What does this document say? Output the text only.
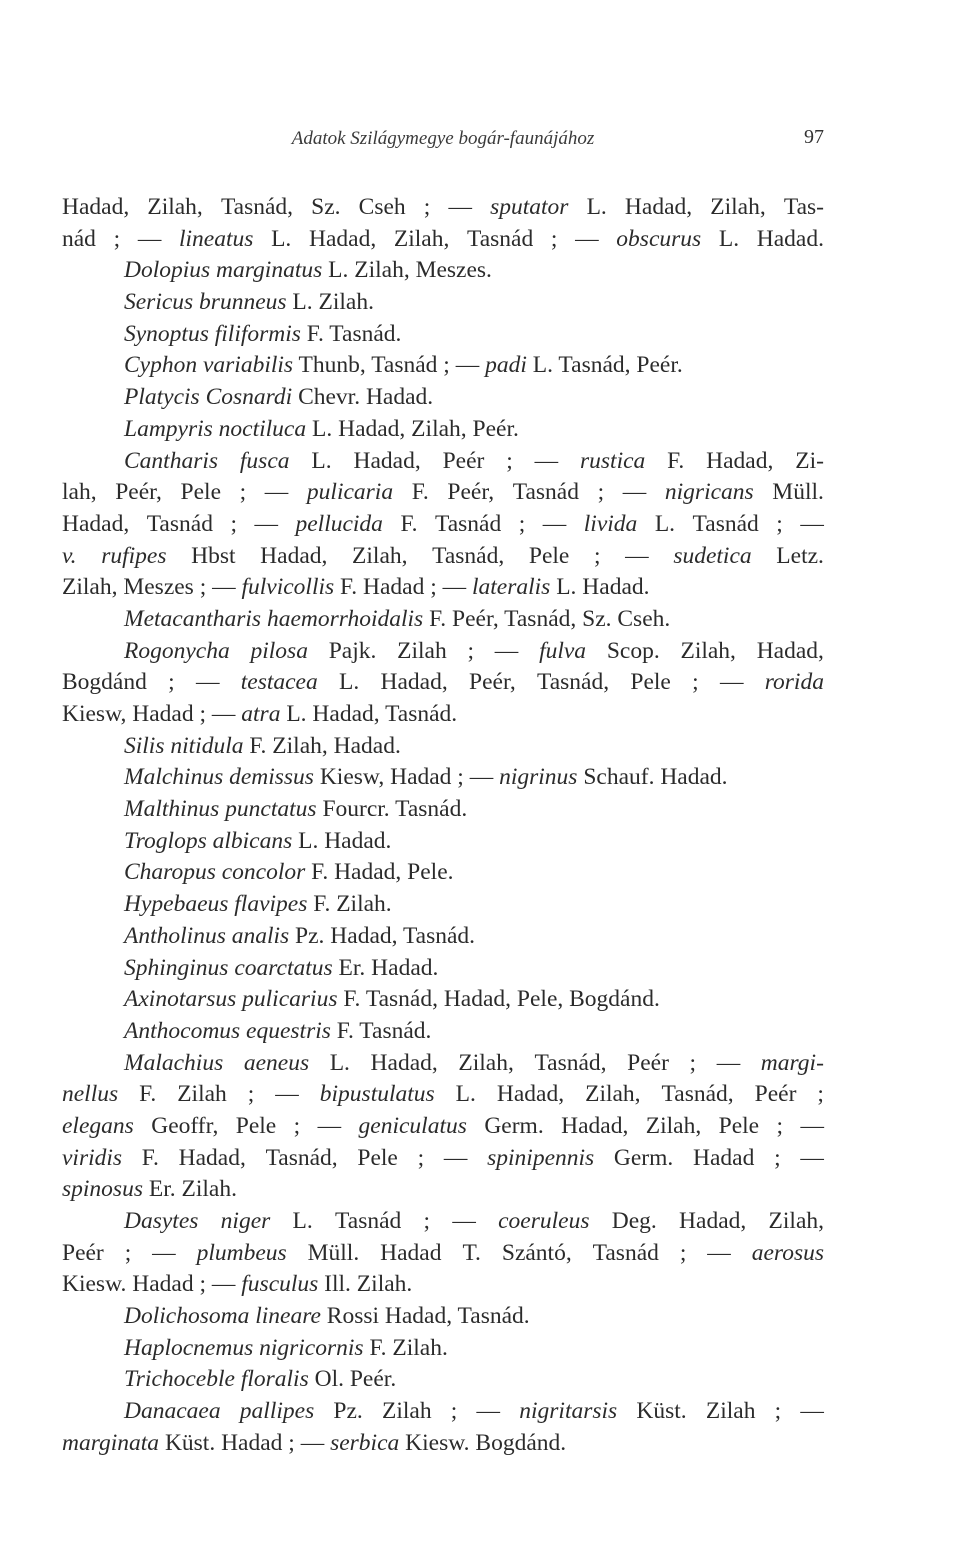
Adatok Szilágymegye bogár-faunájához	97
Hadad, Zilah, Tasnád, Sz. Cseh ; — sputator L. Hadad, Zilah, Tas-
nád ; — lineatus L. Hadad, Zilah, Tasnád ; — obscurus L. Hadad.
Dolopius marginatus L. Zilah, Meszes.
Sericus brunneus L. Zilah.
Synoptus filiformis F. Tasnád.
Cyphon variabilis Thunb, Tasnád ; — padi L. Tasnád, Peér.
Platycis Cosnardi Chevr. Hadad.
Lampyris noctiluca L. Hadad, Zilah, Peér.
Cantharis fusca L. Hadad, Peér ; — rustica F. Hadad, Zi-
lah, Peér, Pele ; — pulicaria F. Peér, Tasnád ; — nigricans Müll.
Hadad, Tasnád ; — pellucida F. Tasnád ; — livida L. Tasnád ; —
v. rufipes Hbst Hadad, Zilah, Tasnád, Pele ; — sudetica Letz.
Zilah, Meszes ; — fulvicollis F. Hadad ; — lateralis L. Hadad.
Metacantharis haemorrhoidalis F. Peér, Tasnád, Sz. Cseh.
Rogonycha pilosa Pajk. Zilah ; — fulva Scop. Zilah, Hadad,
Bogdánd ; — testacea L. Hadad, Peér, Tasnád, Pele ; — rorida
Kiesw, Hadad ; — atra L. Hadad, Tasnád.
Silis nitidula F. Zilah, Hadad.
Malchinus demissus Kiesw, Hadad ; — nigrinus Schauf. Hadad.
Malthinus punctatus Fourcr. Tasnád.
Troglops albicans L. Hadad.
Charopus concolor F. Hadad, Pele.
Hypebaeus flavipes F. Zilah.
Antholinus analis Pz. Hadad, Tasnád.
Sphinginus coarctatus Er. Hadad.
Axinotarsus pulicarius F. Tasnád, Hadad, Pele, Bogdánd.
Anthocomus equestris F. Tasnád.
Malachius aeneus L. Hadad, Zilah, Tasnád, Peér ; — margi-
nellus F. Zilah ; — bipustulatus L. Hadad, Zilah, Tasnád, Peér ;
elegans Geoffr, Pele ; — geniculatus Germ. Hadad, Zilah, Pele ; —
viridis F. Hadad, Tasnád, Pele ; — spinipennis Germ. Hadad ; —
spinosus Er. Zilah.
Dasytes niger L. Tasnád ; — coeruleus Deg. Hadad, Zilah,
Peér ; — plumbeus Müll. Hadad T. Szántó, Tasnád ; — aerosus
Kiesw. Hadad ; — fusculus Ill. Zilah.
Dolichosoma lineare Rossi Hadad, Tasnád.
Haplocnemus nigricornis F. Zilah.
Trichoceble floralis Ol. Peér.
Danacaea pallipes Pz. Zilah ; — nigritarsis Küst. Zilah ; —
marginata Küst. Hadad ; — serbica Kiesw. Bogdánd.
